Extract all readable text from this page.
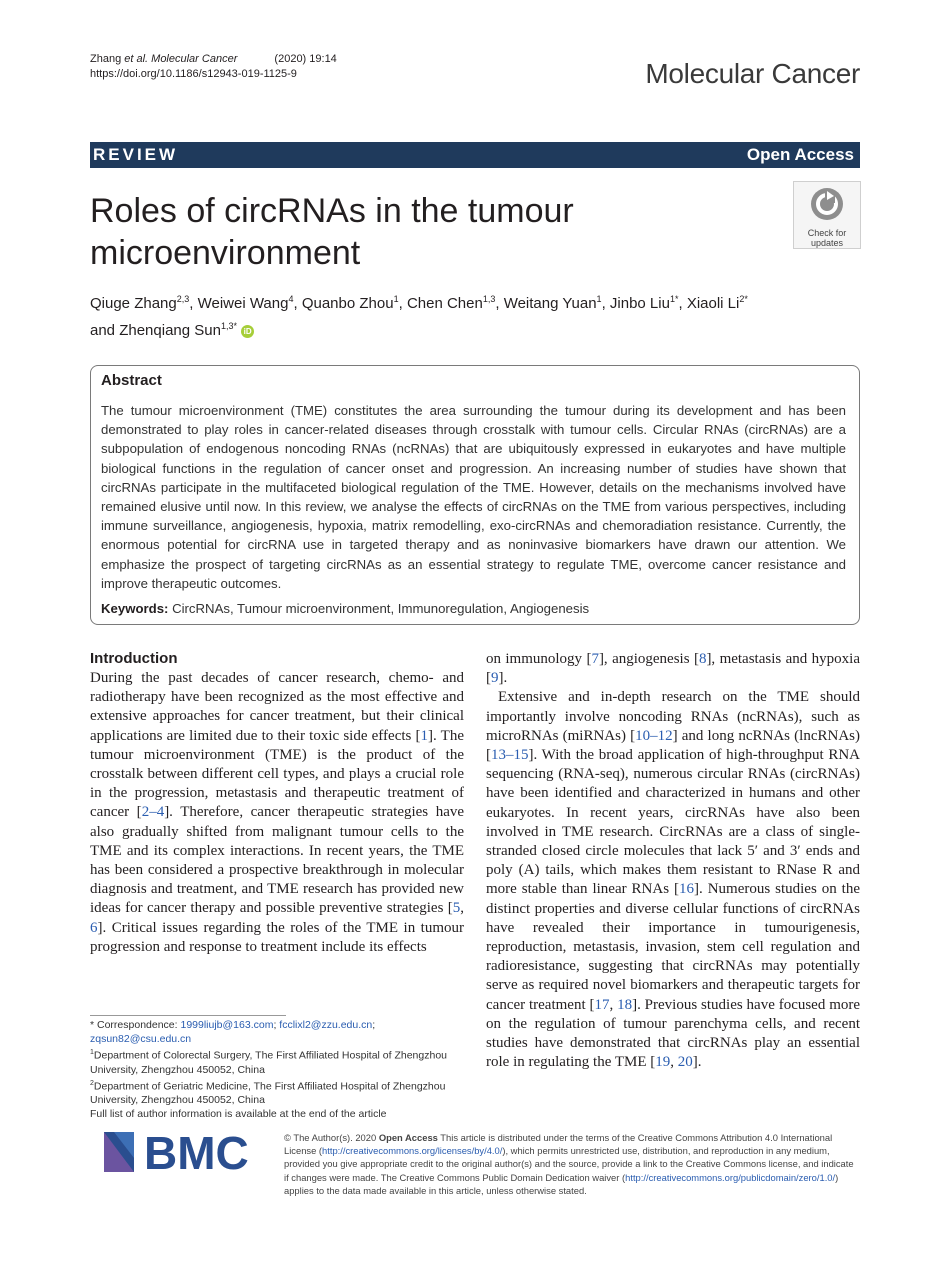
Zhang et al. Molecular Cancer	(2020) 19:14
https://doi.org/10.1186/s12943-019-1125-9	Molecular Cancer
REVIEW	Open Access
Roles of circRNAs in the tumour microenvironment
Check for
updates
Qiuge Zhang$^{2,3}$, Weiwei Wang$^4$, Quanbo Zhou$^1$, Chen Chen$^{1,3}$, Weitang Yuan$^1$, Jinbo Liu$^{1*}$, Xiaoli $Li^{2*}$
and Zhenqiang Sun$^{1,3*}$ iD
Abstract
The tumour microenvironment (TME) constitutes the area surrounding the tumour during its development and has been demonstrated to play roles in cancer-related diseases through crosstalk with tumour cells. Circular RNAs (circRNAs) are a subpopulation of endogenous noncoding RNAs (ncRNAs) that are ubiquitously expressed in eukaryotes and have multiple biological functions in the regulation of cancer onset and progression. An increasing number of studies have shown that circRNAs participate in the multifaceted biological regulation of the TME. However, details on the mechanisms involved have remained elusive until now. In this review, we analyse the effects of circRNAs on the TME from various perspectives, including immune surveillance, angiogenesis, hypoxia, matrix remodelling, exo-circRNAs and chemoradiation resistance. Currently, the enormous potential for circRNA use in targeted therapy and as noninvasive biomarkers have drawn our attention. We emphasize the prospect of targeting circRNAs as an essential strategy to regulate TME, overcome cancer resistance and improve therapeutic outcomes.
Keywords: CircRNAs, Tumour microenvironment, Immunoregulation, Angiogenesis
Introduction
During the past decades of cancer research, chemo- and radiotherapy have been recognized as the most effective and extensive approaches for cancer treatment, but their clinical applications are limited due to their toxic side effects [1]. The tumour microenvironment (TME) is the product of the crosstalk between different cell types, and plays a crucial role in the progression, metastasis and therapeutic treatment of cancer [2–4]. Therefore, cancer therapeutic strategies have also gradually shifted from malignant tumour cells to the TME and its complex interactions. In recent years, the TME has been considered a prospective breakthrough in molecular diagnosis and treatment, and TME research has provided new ideas for cancer therapy and possible preventive strategies [5, 6]. Critical issues regarding the roles of the TME in tumour progression and response to treatment include its effects
on immunology [7], angiogenesis [8], metastasis and hypoxia [9].
Extensive and in-depth research on the TME should importantly involve noncoding RNAs (ncRNAs), such as microRNAs (miRNAs) [10–12] and long ncRNAs (lncRNAs) [13–15]. With the broad application of high-throughput RNA sequencing (RNA-seq), numerous circular RNAs (circRNAs) have been identified and characterized in humans and other eukaryotes. In recent years, circRNAs have also been involved in TME research. CircRNAs are a class of single-stranded closed circle molecules that lack 5′ and 3′ ends and poly (A) tails, which makes them resistant to RNase R and more stable than linear RNAs [16]. Numerous studies on the distinct properties and diverse cellular functions of circRNAs have revealed their importance in tumourigenesis, reproduction, metastasis, invasion, stem cell regulation and radioresistance, suggesting that circRNAs may potentially serve as required novel biomarkers and therapeutic targets for cancer treatment [17, 18]. Previous studies have focused more on the regulation of tumour parenchyma cells, and recent studies have demonstrated that circRNAs play an essential role in regulating the TME [19, 20].

* Correspondence: 1999liujb@163.com; fcclixl2@zzu.edu.cn;
zqsun82@csu.edu.cn

$^1$Department of Colorectal Surgery, The First Affiliated Hospital of Zhengzhou University, Zhengzhou 450052, China

$^2$Department of Geriatric Medicine, The First Affiliated Hospital of Zhengzhou University, Zhengzhou 450052, China

Full list of author information is available at the end of the article

BMC	© The Author(s). 2020 Open Access This article is distributed under the terms of the Creative Commons Attribution 4.0 International License (http://creativecommons.org/licenses/by/4.0/), which permits unrestricted use, distribution, and reproduction in any medium, provided you give appropriate credit to the original author(s) and the source, provide a link to the Creative Commons license, and indicate if changes were made. The Creative Commons Public Domain Dedication waiver (http://creativecommons.org/publicdomain/zero/1.0/) applies to the data made available in this article, unless otherwise stated.
